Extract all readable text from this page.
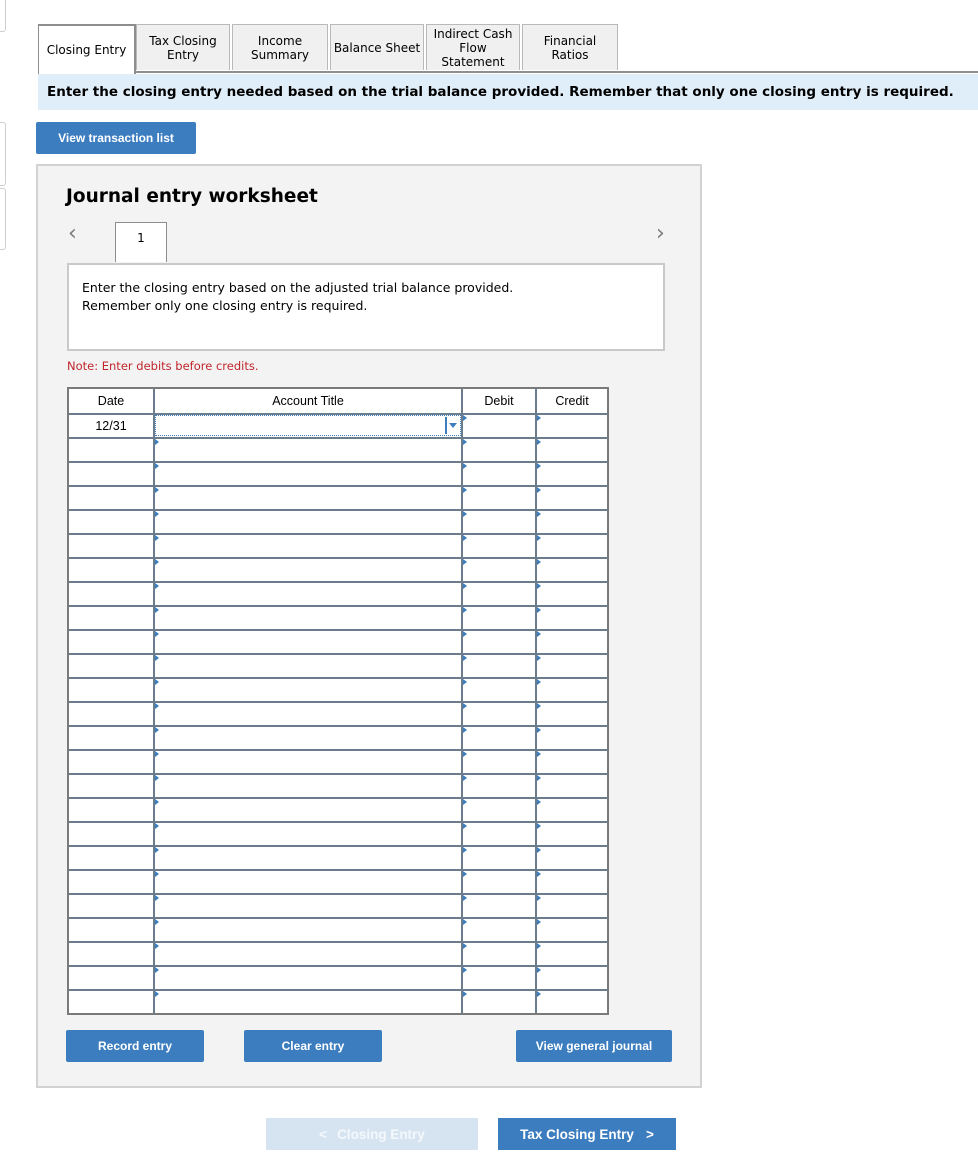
Closing Entry
Tax Closing
Entry
Income
Summary	Balance Sheet
Indirect Cash
Flow
Statement
Financial
Ratios
Enter the closing entry needed based on the trial balance provided. Remember that only one closing entry is required.
View transaction list
Journal entry worksheet
‹	1	›
Enter the closing entry based on the adjusted trial balance provided.
Remember only one closing entry is required.
Note: Enter debits before credits.
Date	Account Title	Debit	Credit
12/31
Record entry	Clear entry	View general journal
< Closing Entry	Tax Closing Entry >
